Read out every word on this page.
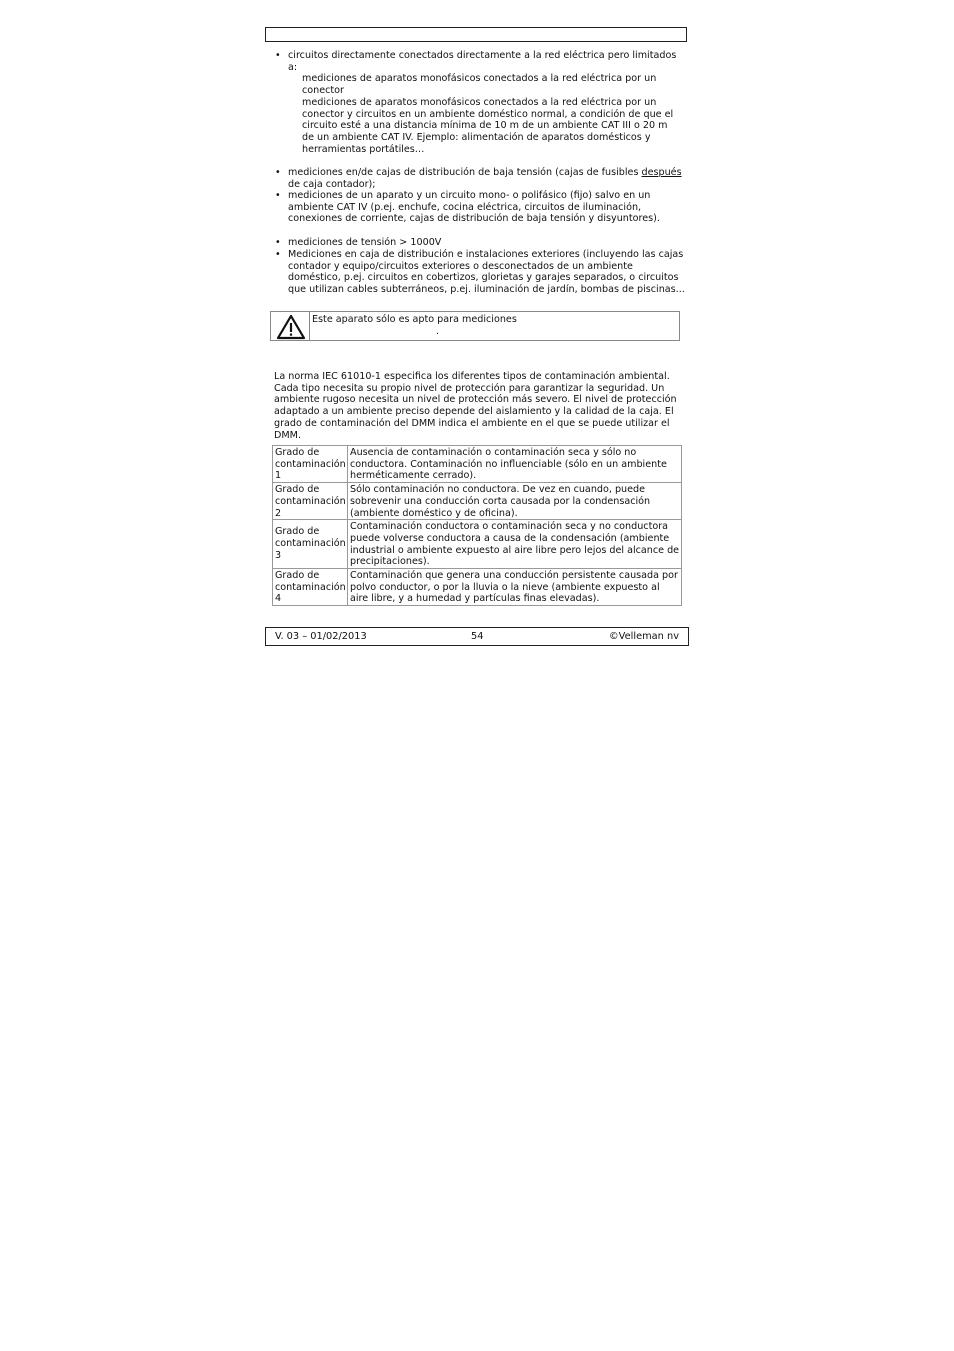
• circuitos directamente conectados directamente a la red eléctrica pero limitados a:
mediciones de aparatos monofásicos conectados a la red eléctrica por un conector
mediciones de aparatos monofásicos conectados a la red eléctrica por un conector y circuitos en un ambiente doméstico normal, a condición de que el circuito esté a una distancia mínima de 10 m de un ambiente CAT III o 20 m de un ambiente CAT IV. Ejemplo: alimentación de aparatos domésticos y herramientas portátiles…
• mediciones en/de cajas de distribución de baja tensión (cajas de fusibles después de caja contador);
• mediciones de un aparato y un circuito mono- o polifásico (fijo) salvo en un ambiente CAT IV (p.ej. enchufe, cocina eléctrica, circuitos de iluminación, conexiones de corriente, cajas de distribución de baja tensión y disyuntores).
• mediciones de tensión > 1000V
• Mediciones en caja de distribución e instalaciones exteriores (incluyendo las cajas contador y equipo/circuitos exteriores o desconectados de un ambiente doméstico, p.ej. circuitos en cobertizos, glorietas y garajes separados, o circuitos que utilizan cables subterráneos, p.ej. iluminación de jardín, bombas de piscinas...
Este aparato sólo es apto para mediciones
.
La norma IEC 61010-1 especifica los diferentes tipos de contaminación ambiental. Cada tipo necesita su propio nivel de protección para garantizar la seguridad. Un ambiente rugoso necesita un nivel de protección más severo. El nivel de protección adaptado a un ambiente preciso depende del aislamiento y la calidad de la caja. El grado de contaminación del DMM indica el ambiente en el que se puede utilizar el DMM.
Grado de contaminación 1	Ausencia de contaminación o contaminación seca y sólo no conductora. Contaminación no influenciable (sólo en un ambiente herméticamente cerrado).
Grado de contaminación 2	Sólo contaminación no conductora. De vez en cuando, puede sobrevenir una conducción corta causada por la condensación (ambiente doméstico y de oficina).
Grado de contaminación 3	Contaminación conductora o contaminación seca y no conductora puede volverse conductora a causa de la condensación (ambiente industrial o ambiente expuesto al aire libre pero lejos del alcance de precipitaciones).
Grado de contaminación 4	Contaminación que genera una conducción persistente causada por polvo conductor, o por la lluvia o la nieve (ambiente expuesto al aire libre, y a humedad y partículas finas elevadas).
V. 03 – 01/02/2013	54	©Velleman nv
